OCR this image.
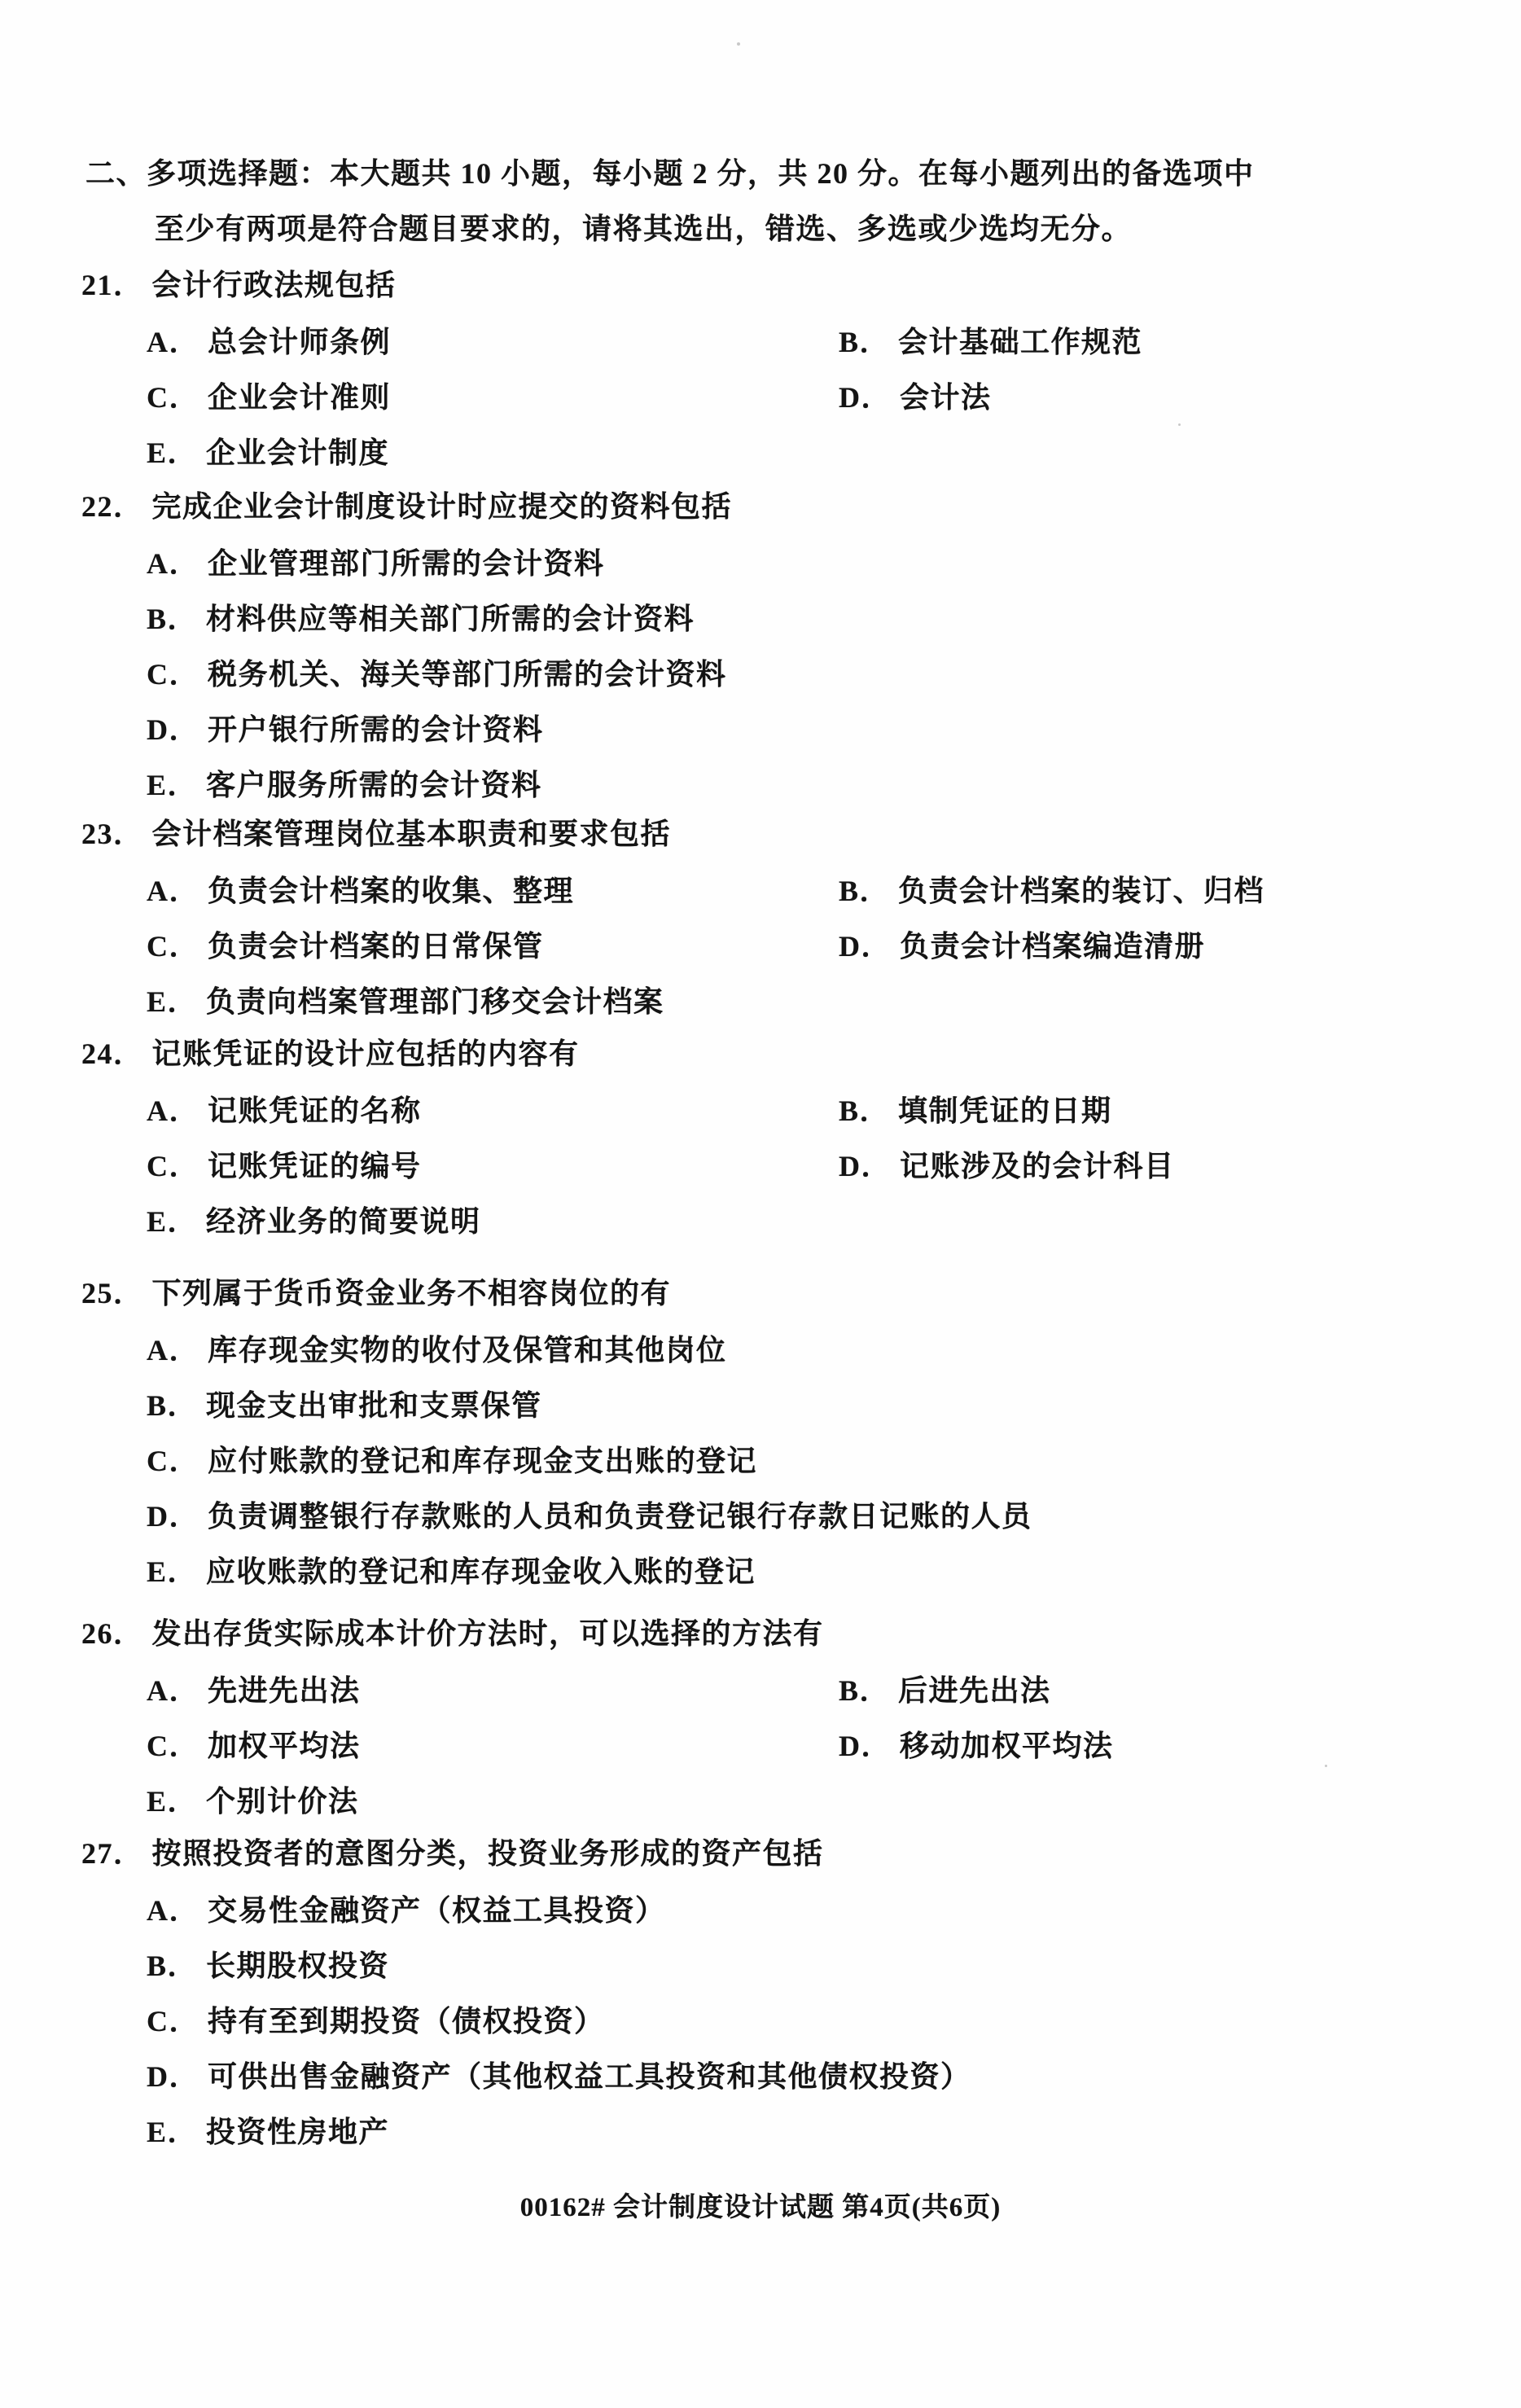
二、多项选择题：本大题共 10 小题，每小题 2 分，共 20 分。在每小题列出的备选项中
至少有两项是符合题目要求的，请将其选出，错选、多选或少选均无分。
21． 会计行政法规包括
A． 总会计师条例	B． 会计基础工作规范
C． 企业会计准则	D． 会计法
E． 企业会计制度
22． 完成企业会计制度设计时应提交的资料包括
A． 企业管理部门所需的会计资料
B． 材料供应等相关部门所需的会计资料
C． 税务机关、海关等部门所需的会计资料
D． 开户银行所需的会计资料
E． 客户服务所需的会计资料
23． 会计档案管理岗位基本职责和要求包括
A． 负责会计档案的收集、整理	B． 负责会计档案的装订、归档
C． 负责会计档案的日常保管	D． 负责会计档案编造清册
E． 负责向档案管理部门移交会计档案
24． 记账凭证的设计应包括的内容有
A． 记账凭证的名称	B． 填制凭证的日期
C． 记账凭证的编号	D． 记账涉及的会计科目
E． 经济业务的简要说明
25． 下列属于货币资金业务不相容岗位的有
A． 库存现金实物的收付及保管和其他岗位
B． 现金支出审批和支票保管
C． 应付账款的登记和库存现金支出账的登记
D． 负责调整银行存款账的人员和负责登记银行存款日记账的人员
E． 应收账款的登记和库存现金收入账的登记
26． 发出存货实际成本计价方法时，可以选择的方法有
A． 先进先出法	B． 后进先出法
C． 加权平均法	D． 移动加权平均法
E． 个别计价法
27． 按照投资者的意图分类，投资业务形成的资产包括
A． 交易性金融资产（权益工具投资）
B． 长期股权投资
C． 持有至到期投资（债权投资）
D． 可供出售金融资产（其他权益工具投资和其他债权投资）
E． 投资性房地产
00162# 会计制度设计试题 第4页(共6页)
